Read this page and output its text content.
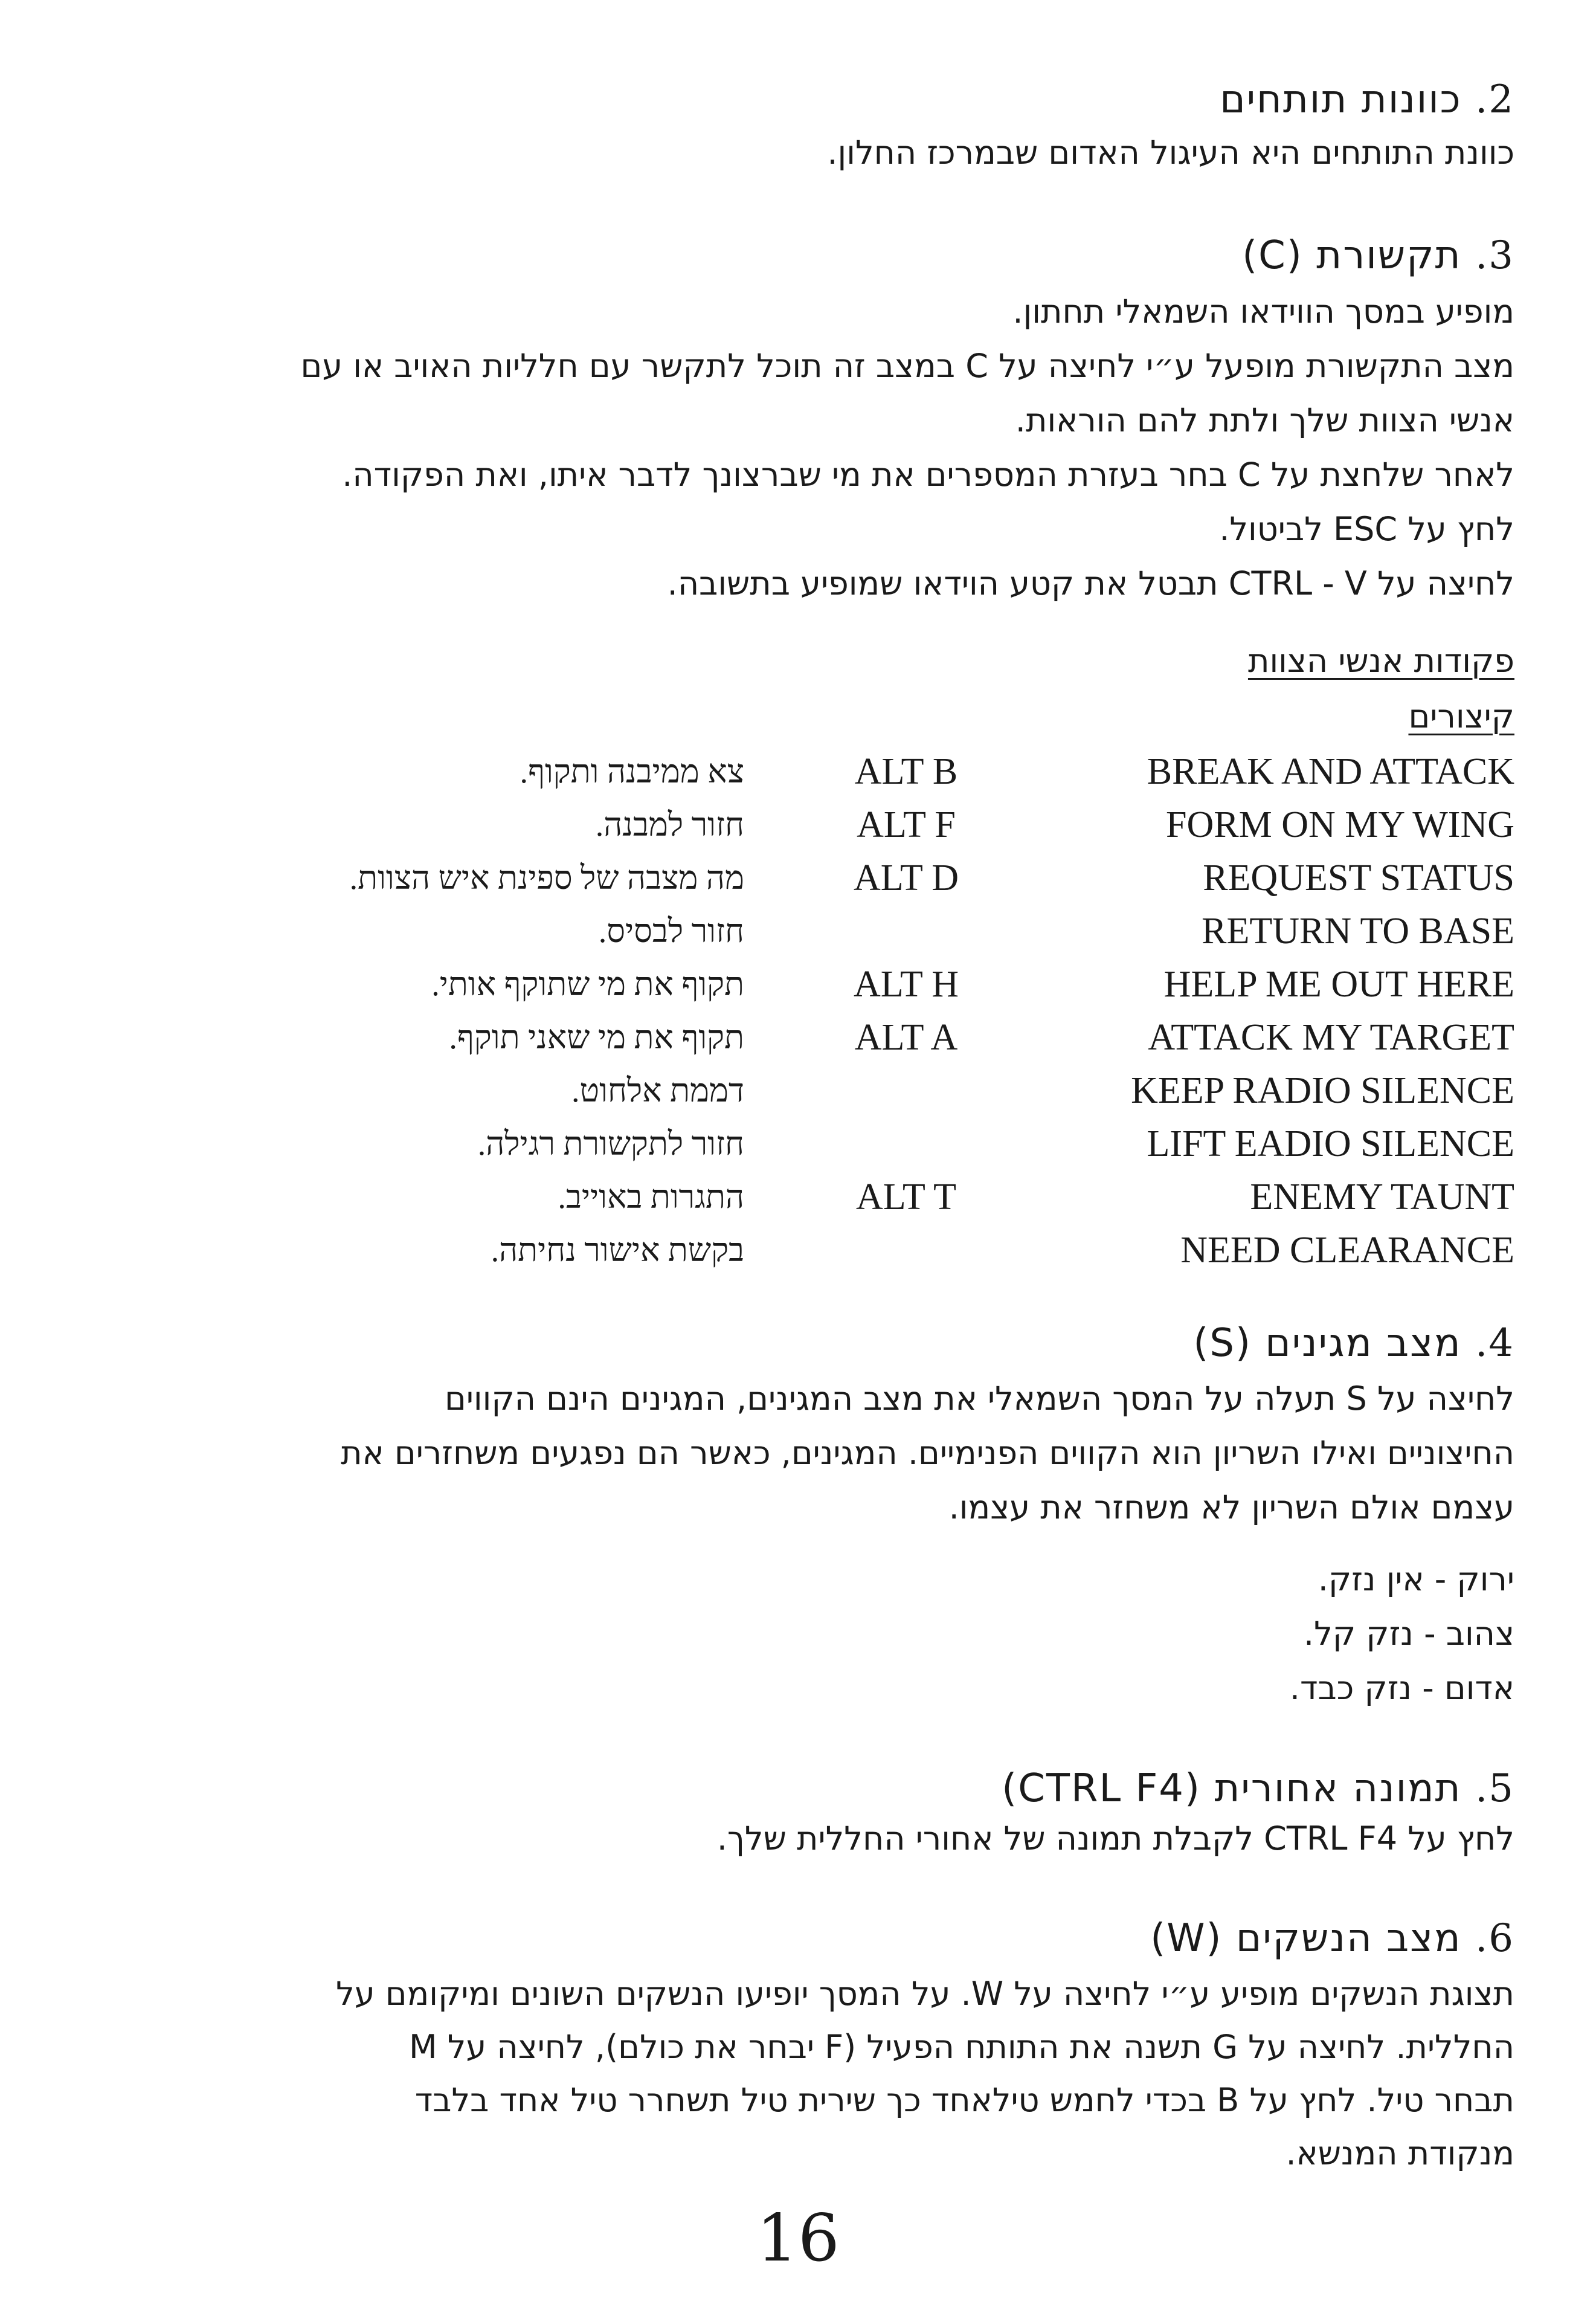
2. כוונות תותחים

כוונת התותחים היא העיגול האדום שבמרכז החלון.

3. תקשורת (C)

מופיע במסך הווידאו השמאלי תחתון.

מצב התקשורת מופעל ע״י לחיצה על C במצב זה תוכל לתקשר עם חלליות האויב או עם

אנשי הצוות שלך ולתת להם הוראות.

לאחר שלחצת על C בחר בעזרת המספרים את מי שברצונך לדבר איתו, ואת הפקודה.

לחץ על ESC לביטול.

לחיצה על CTRL - V תבטל את קטע הוידאו שמופיע בתשובה.

פקודות אנשי הצוות

קיצורים

BREAK AND ATTACK
ALT B
צא ממיבנה ותקוף.
FORM ON MY WING
ALT F
חזור למבנה.
REQUEST STATUS
ALT D
מה מצבה של ספינת איש הצוות.
RETURN TO BASE
חזור לבסיס.
HELP ME OUT HERE
ALT H
תקוף את מי שתוקף אותי.
ATTACK MY TARGET
ALT A
תקוף את מי שאני תוקף.
KEEP RADIO SILENCE
דממת אלחוט.
LIFT EADIO SILENCE
חזור לתקשורת רגילה.
ENEMY TAUNT
ALT T
התגרות באוייב.
NEED CLEARANCE
בקשת אישור נחיתה.
4. מצב מגינים (S)

לחיצה על S תעלה על המסך השמאלי את מצב המגינים, המגינים הינם הקווים

החיצוניים ואילו השריון הוא הקווים הפנימיים. המגינים, כאשר הם נפגעים משחזרים את

עצמם אולם השריון לא משחזר את עצמו.

ירוק - אין נזק.

צהוב - נזק קל.

אדום - נזק כבד.

5. תמונה אחורית (CTRL F4)

לחץ על CTRL F4 לקבלת תמונה של אחורי החללית שלך.

6. מצב הנשקים (W)

תצוגת הנשקים מופיע ע״י לחיצה על W. על המסך יופיעו הנשקים השונים ומיקומם על

החללית. לחיצה על G תשנה את התותח הפעיל (F יבחר את כולם), לחיצה על M

תבחר טיל. לחץ על B בכדי לחמש טילאחד כך שירית טיל תשחרר טיל אחד בלבד

מנקודת המנשא.

16
